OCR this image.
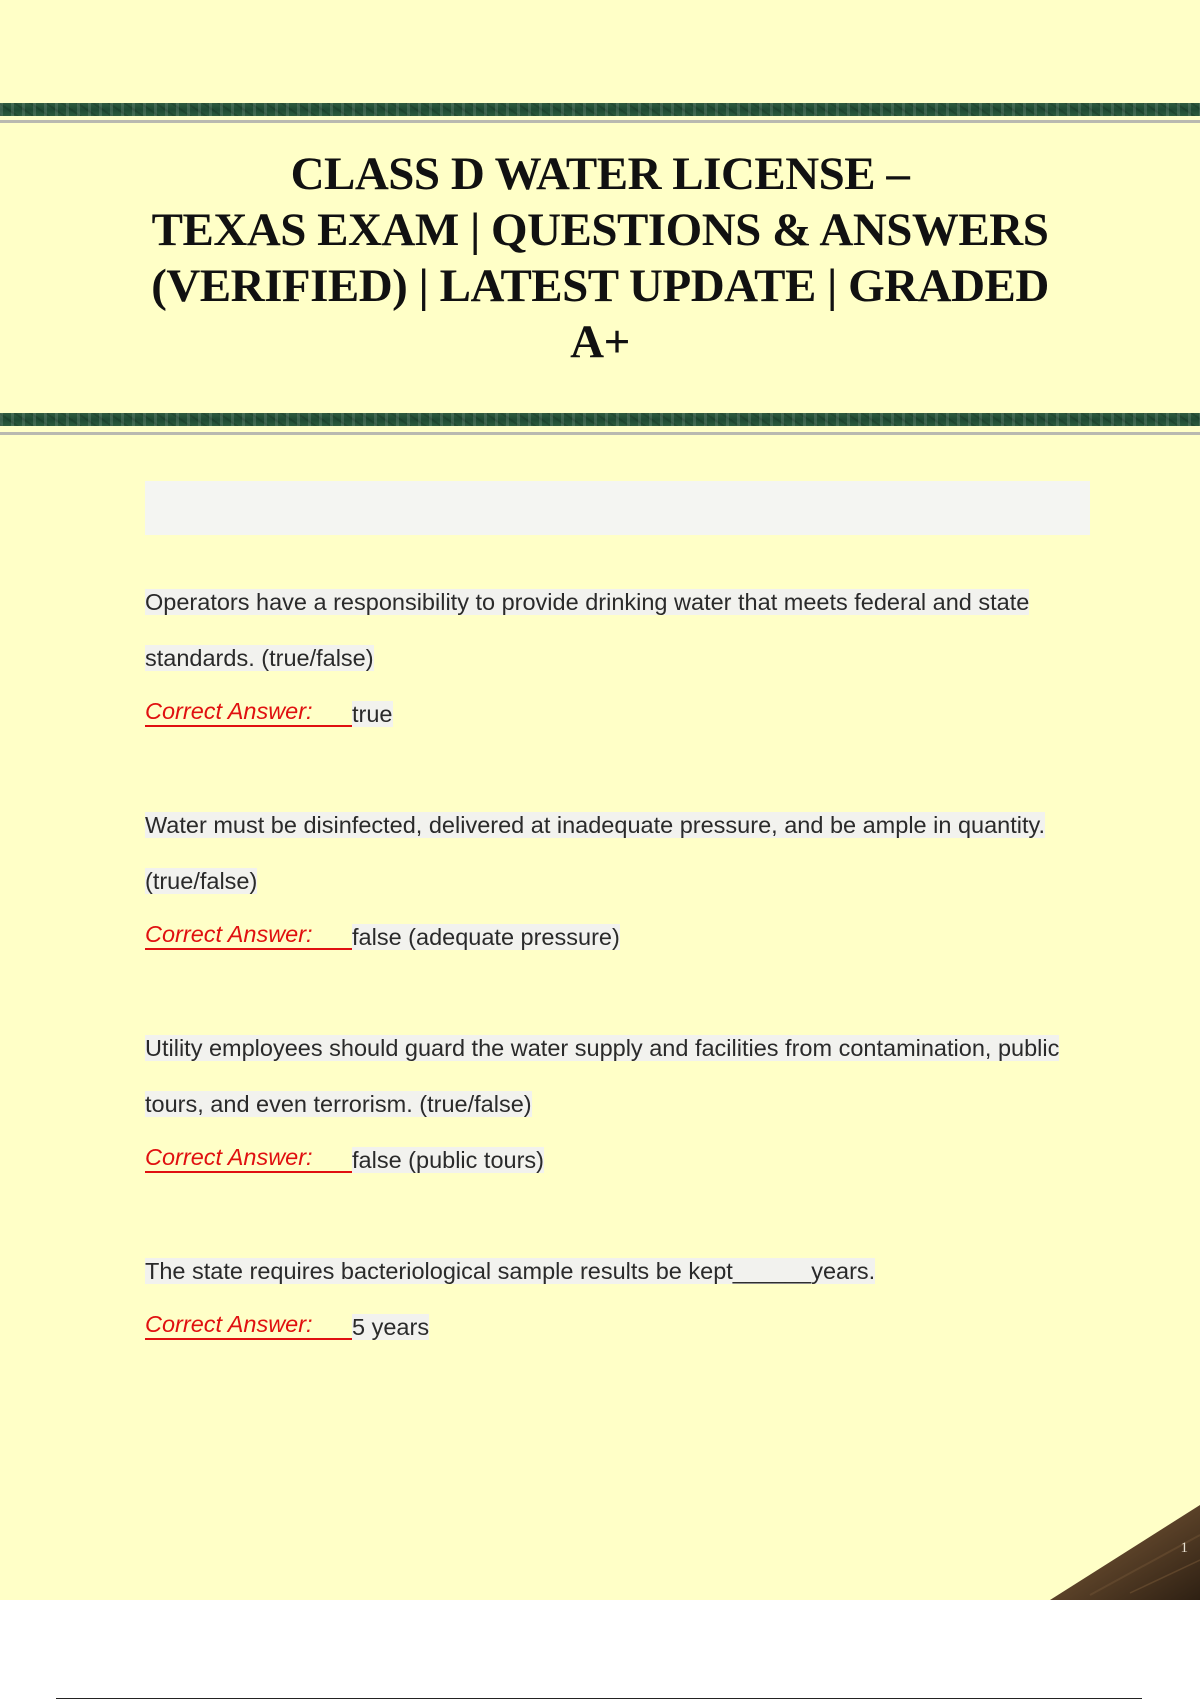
CLASS D WATER LICENSE –
TEXAS EXAM | QUESTIONS & ANSWERS
(VERIFIED) | LATEST UPDATE | GRADED
A+
Operators have a responsibility to provide drinking water that meets federal and state
standards. (true/false)
Correct Answer: true
Water must be disinfected, delivered at inadequate pressure, and be ample in quantity.
(true/false)
Correct Answer: false (adequate pressure)
Utility employees should guard the water supply and facilities from contamination, public
tours, and even terrorism. (true/false)
Correct Answer: false (public tours)
The state requires bacteriological sample results be kept______years.
Correct Answer: 5 years
1
